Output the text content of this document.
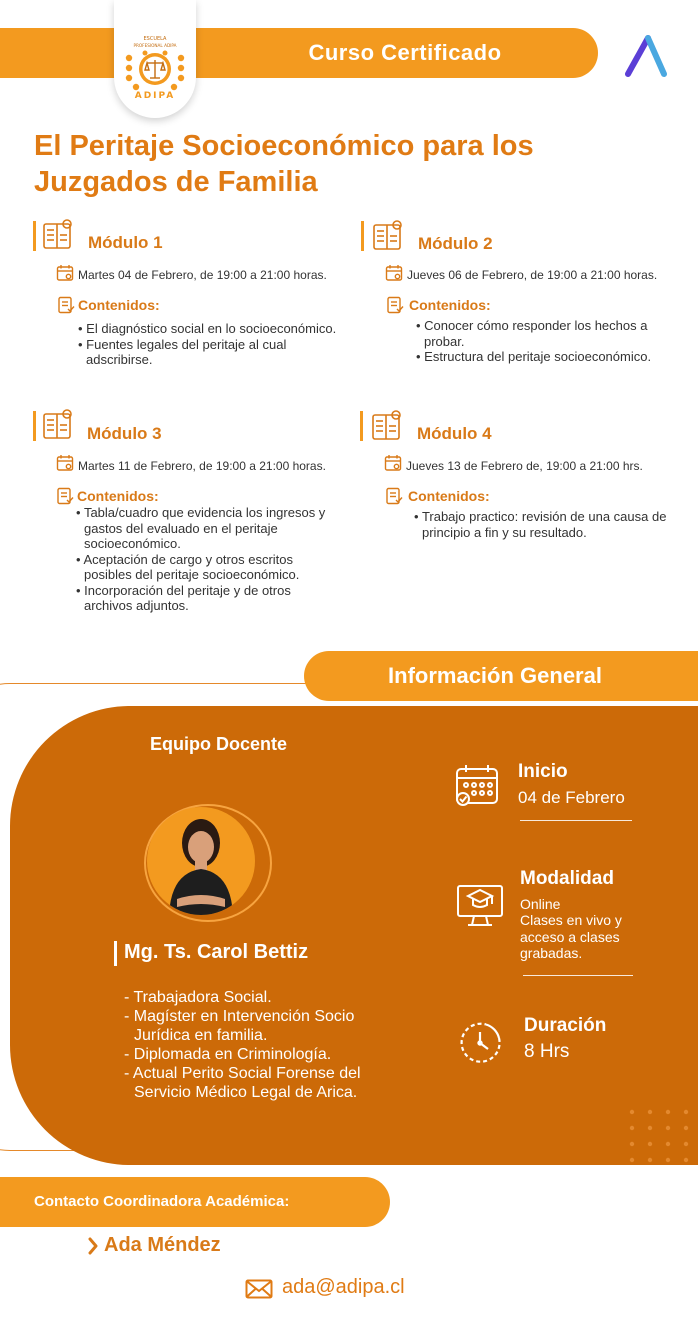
Curso Certificado
ESCUELA
PROFESIONAL ADIPA
ADIPA
El Peritaje Socioeconómico para los Juzgados de Familia
Módulo 1
Martes 04 de Febrero, de 19:00 a 21:00 horas.
Contenidos:
• El diagnóstico social en lo socioeconómico.
• Fuentes legales del peritaje al cual adscribirse.
Módulo 2
Jueves 06 de Febrero, de 19:00 a 21:00 horas.
Contenidos:
• Conocer cómo responder los hechos a probar.
• Estructura del peritaje socioeconómico.
Módulo 3
Martes 11 de Febrero, de 19:00 a 21:00 horas.
Contenidos:
• Tabla/cuadro que evidencia los ingresos y gastos del evaluado en el peritaje socioeconómico.
• Aceptación de cargo y otros escritos posibles del peritaje socioeconómico.
• Incorporación del peritaje y de otros archivos adjuntos.
Módulo 4
Jueves 13 de Febrero de, 19:00 a 21:00 hrs.
Contenidos:
• Trabajo practico: revisión de una causa de principio a fin y su resultado.
Información General
Equipo Docente
Mg. Ts. Carol Bettiz
- Trabajadora Social.
- Magíster en Intervención Socio Jurídica en familia.
- Diplomada en Criminología.
- Actual Perito Social Forense del Servicio Médico Legal de Arica.
Inicio
04 de Febrero
Modalidad
Online
Clases en vivo y acceso a clases grabadas.
Duración
8 Hrs
Contacto Coordinadora Académica:
Ada Méndez
ada@adipa.cl
